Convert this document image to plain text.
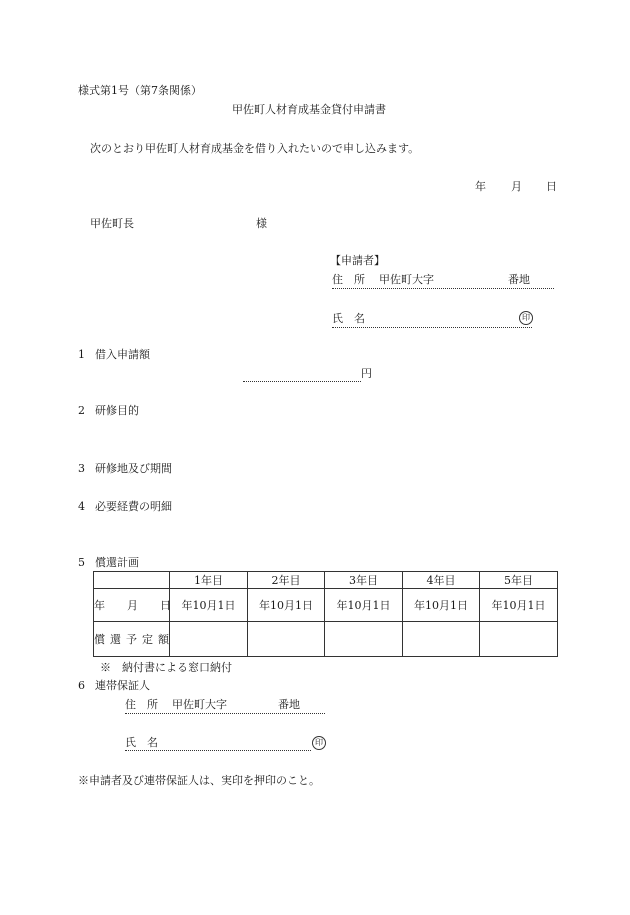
様式第1号（第7条関係）
甲佐町人材育成基金貸付申請書
次のとおり甲佐町人材育成基金を借り入れたいので申し込みます。
年 月 日
甲佐町長	様
【申請者】
住　所 甲佐町大字	番地
氏　名	印
1 借入申請額
円
2 研修目的
3 研修地及び期間
4 必要経費の明細
5 償還計画
	1年目	2年目	3年目	4年目	5年目
年　　 月　　 日	年10月1日	年10月1日	年10月1日	年10月1日	年10月1日
償還予定額					
※　納付書による窓口納付
6 連帯保証人
住　所 甲佐町大字	番地
氏　名	印
※申請者及び連帯保証人は、実印を押印のこと。
